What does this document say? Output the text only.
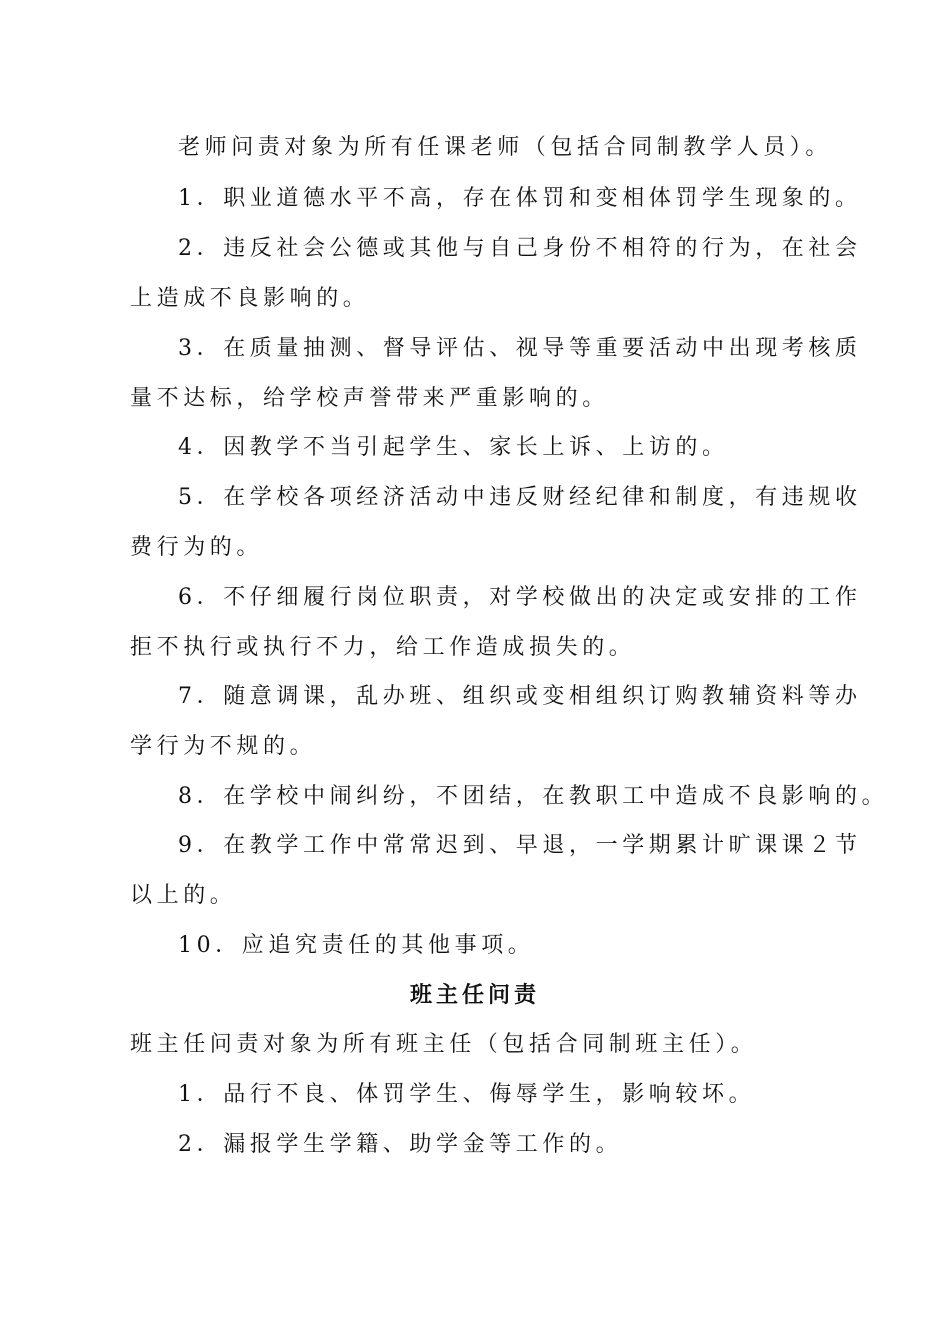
老师问责对象为所有任课老师（包括合同制教学人员）。
1．职业道德水平不高，存在体罚和变相体罚学生现象的。
2．违反社会公德或其他与自己身份不相符的行为，在社会
上造成不良影响的。
3．在质量抽测、督导评估、视导等重要活动中出现考核质
量不达标，给学校声誉带来严重影响的。
4．因教学不当引起学生、家长上诉、上访的。
5．在学校各项经济活动中违反财经纪律和制度，有违规收
费行为的。
6．不仔细履行岗位职责，对学校做出的决定或安排的工作
拒不执行或执行不力，给工作造成损失的。
7．随意调课，乱办班、组织或变相组织订购教辅资料等办
学行为不规的。
8．在学校中闹纠纷，不团结，在教职工中造成不良影响的。
9．在教学工作中常常迟到、早退，一学期累计旷课课２节
以上的。
10．应追究责任的其他事项。
班主任问责
班主任问责对象为所有班主任（包括合同制班主任）。
1．品行不良、体罚学生、侮辱学生，影响较坏。
2．漏报学生学籍、助学金等工作的。
